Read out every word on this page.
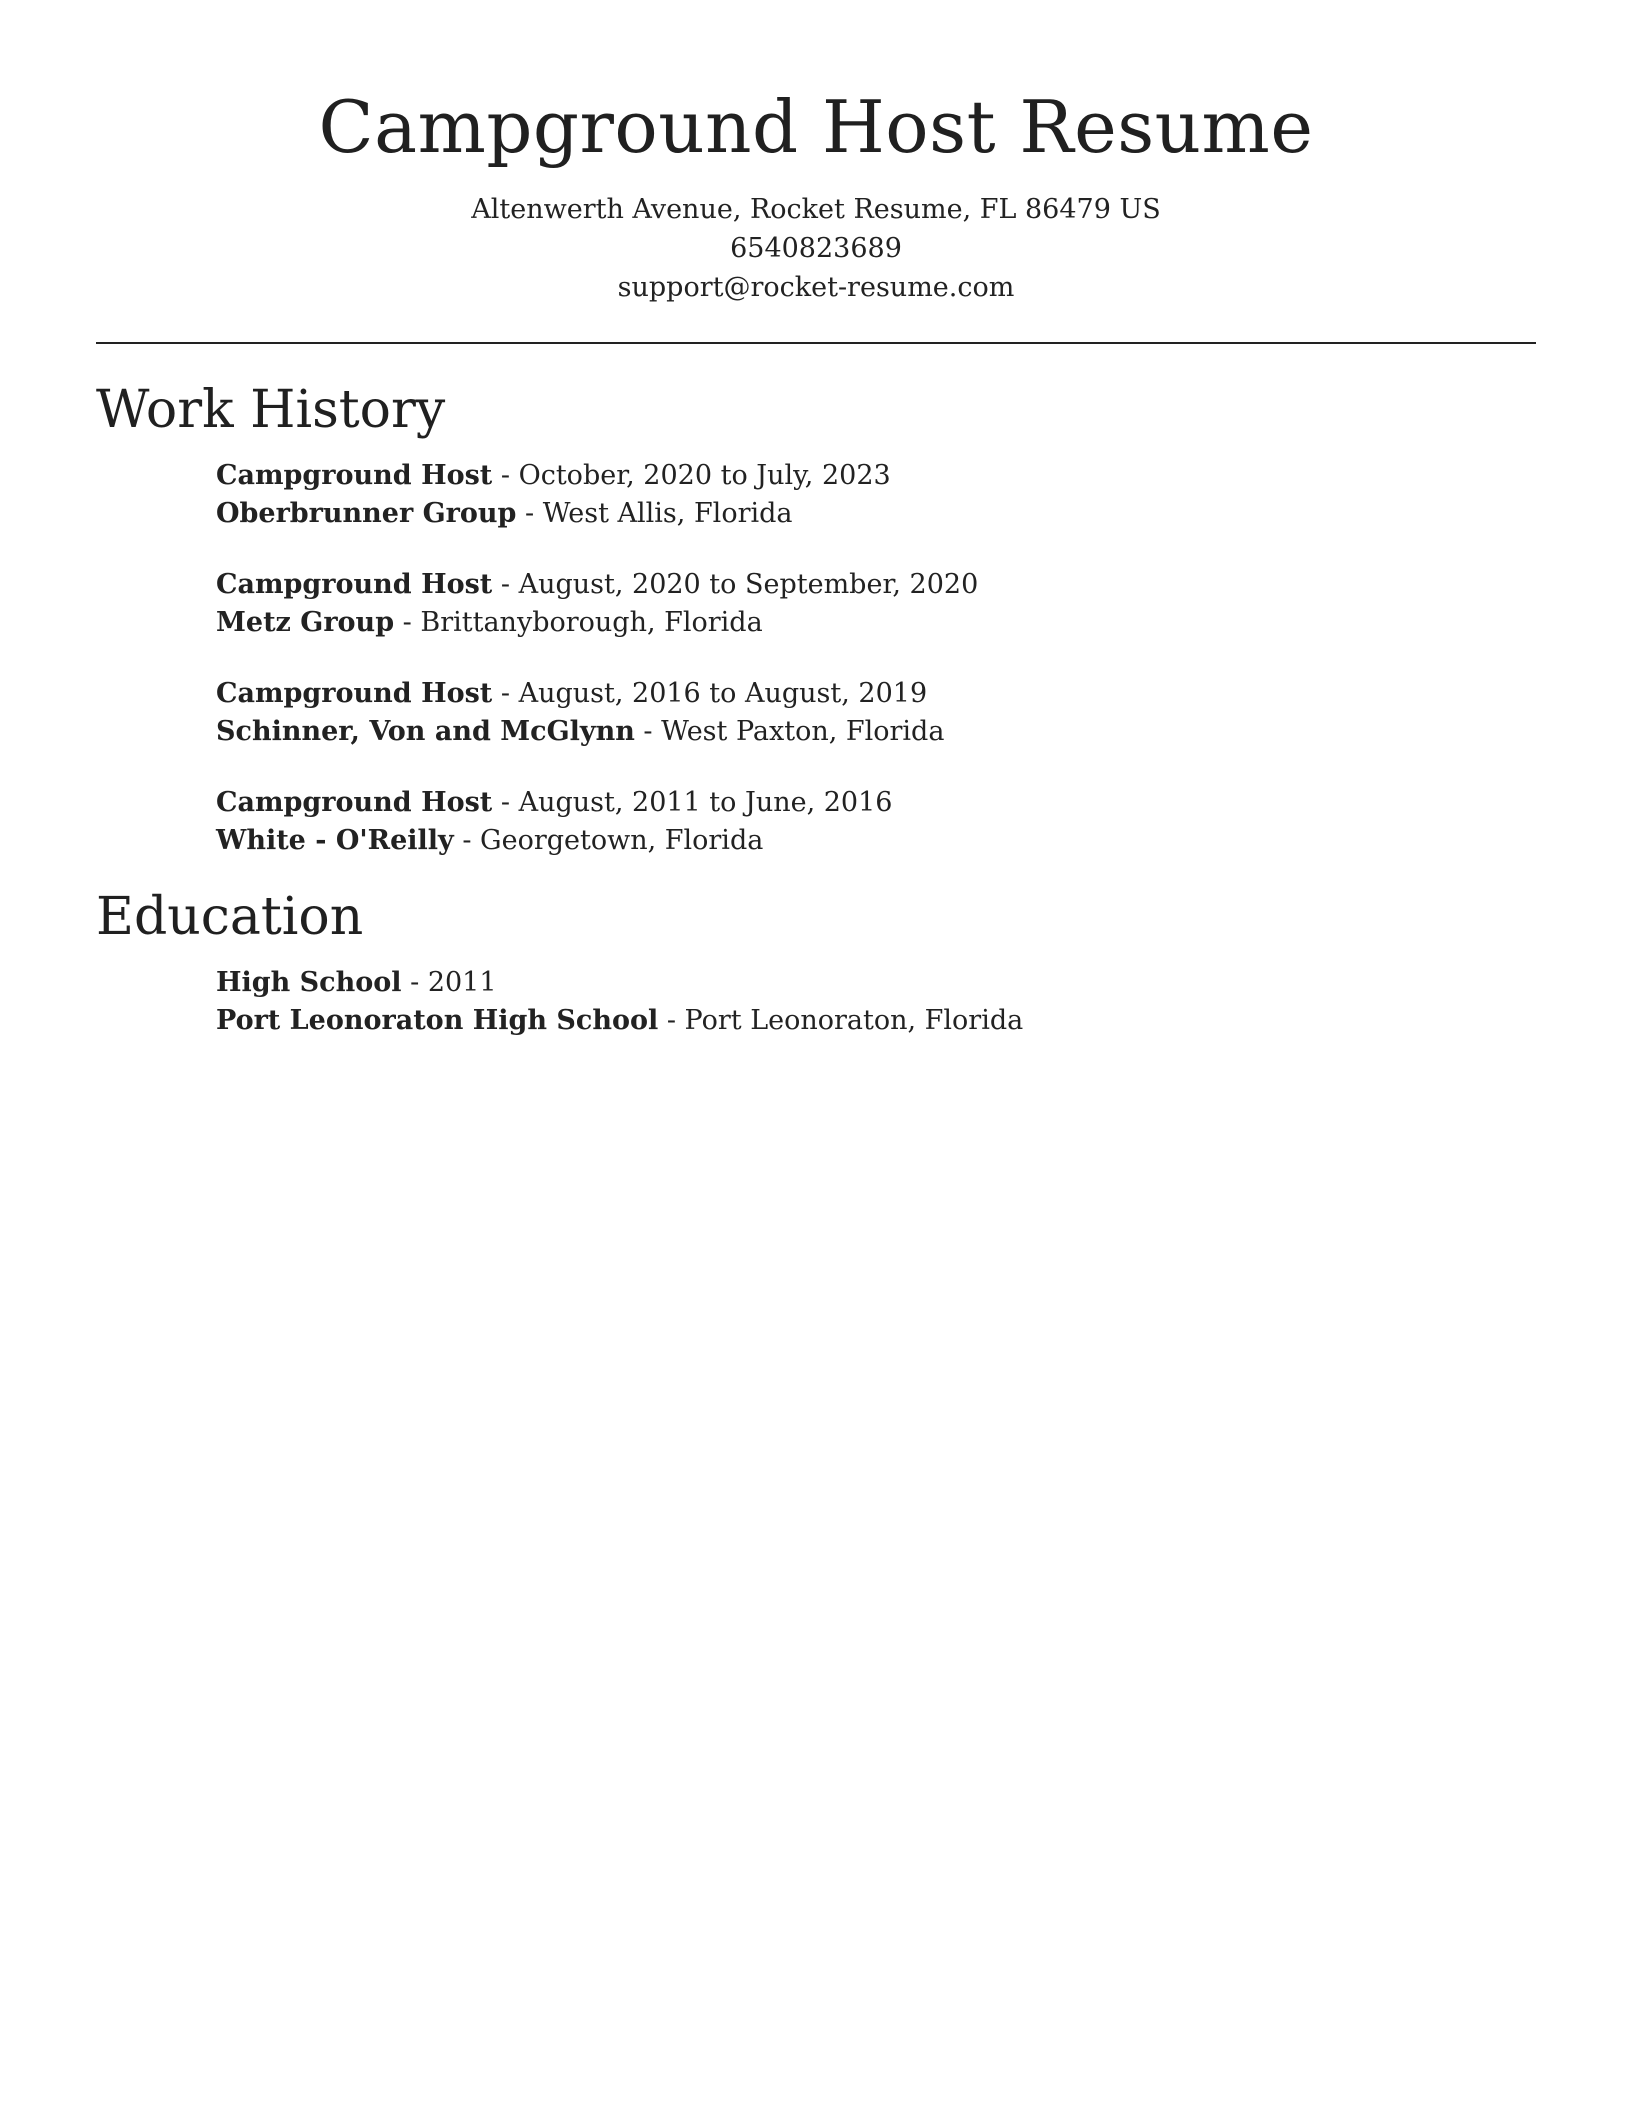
Campground Host Resume
Altenwerth Avenue, Rocket Resume, FL 86479 US
6540823689
support@rocket-resume.com
Work History
Campground Host - October, 2020 to July, 2023
Oberbrunner Group - West Allis, Florida
Campground Host - August, 2020 to September, 2020
Metz Group - Brittanyborough, Florida
Campground Host - August, 2016 to August, 2019
Schinner, Von and McGlynn - West Paxton, Florida
Campground Host - August, 2011 to June, 2016
White - O'Reilly - Georgetown, Florida
Education
High School - 2011
Port Leonoraton High School - Port Leonoraton, Florida
